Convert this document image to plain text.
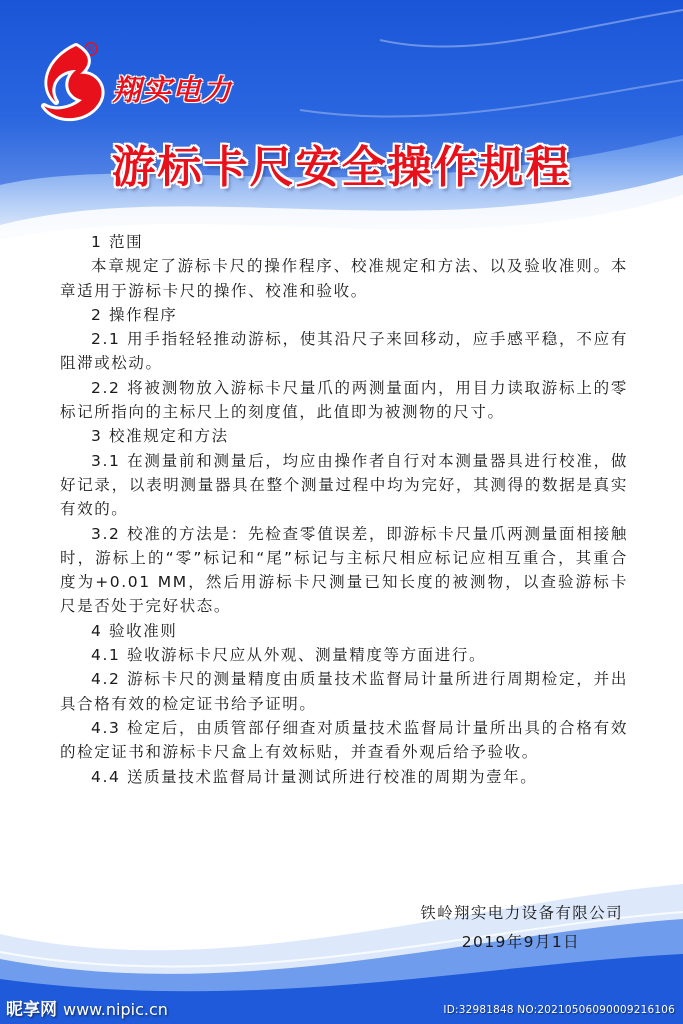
R
翔实电力
游标卡尺安全操作规程

1 范围

本章规定了游标卡尺的操作程序、校准规定和方法、以及验收准则。本章适用于游标卡尺的操作、校准和验收。

2 操作程序

2.1 用手指轻轻推动游标，使其沿尺子来回移动，应手感平稳，不应有阻滞或松动。

2.2 将被测物放入游标卡尺量爪的两测量面内，用目力读取游标上的零标记所指向的主标尺上的刻度值，此值即为被测物的尺寸。

3 校准规定和方法

3.1 在测量前和测量后，均应由操作者自行对本测量器具进行校准，做好记录，以表明测量器具在整个测量过程中均为完好，其测得的数据是真实有效的。

3.2 校准的方法是：先检查零值误差，即游标卡尺量爪两测量面相接触时，游标上的“零”标记和“尾”标记与主标尺相应标记应相互重合，其重合度为+0.01 MM，然后用游标卡尺测量已知长度的被测物，以查验游标卡尺是否处于完好状态。

4 验收准则

4.1 验收游标卡尺应从外观、测量精度等方面进行。

4.2 游标卡尺的测量精度由质量技术监督局计量所进行周期检定，并出具合格有效的检定证书给予证明。

4.3 检定后，由质管部仔细查对质量技术监督局计量所出具的合格有效的检定证书和游标卡尺盒上有效标贴，并查看外观后给予验收。

4.4 送质量技术监督局计量测试所进行校准的周期为壹年。

铁岭翔实电力设备有限公司
2019年9月1日
昵享网 www.nipic.cn	ID:32981848 NO:20210506090009216106
